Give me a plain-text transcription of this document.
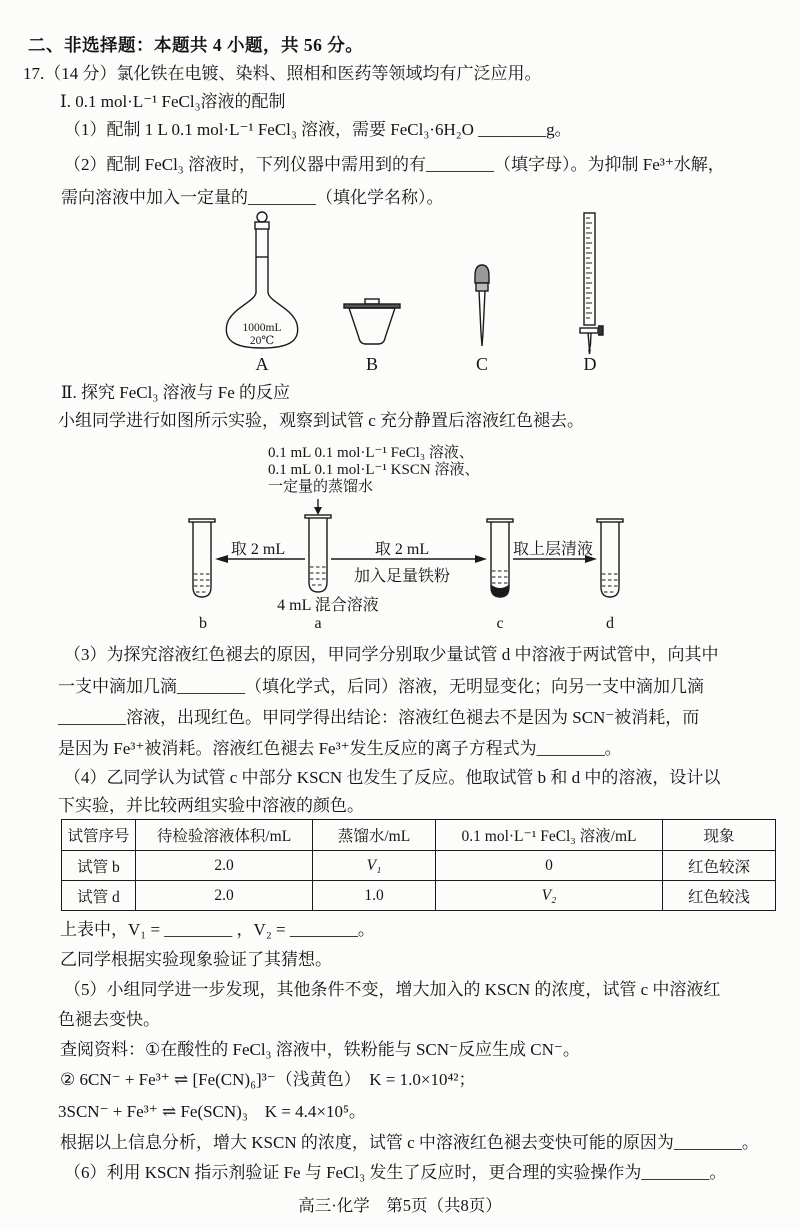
二、非选择题：本题共 4 小题，共 56 分。
17.（14 分）氯化铁在电镀、染料、照相和医药等领域均有广泛应用。
Ⅰ. 0.1 mol·L⁻¹ FeCl₃溶液的配制
（1）配制 1 L 0.1 mol·L⁻¹ FeCl₃ 溶液，需要 FeCl₃·6H₂O ________g。
（2）配制 FeCl₃ 溶液时，下列仪器中需用到的有________（填字母）。为抑制 Fe³⁺水解，
需向溶液中加入一定量的________（填化学名称）。
1000mL
20℃
A	B	C	D
Ⅱ. 探究 FeCl₃ 溶液与 Fe 的反应
小组同学进行如图所示实验，观察到试管 c 充分静置后溶液红色褪去。
0.1 mL 0.1 mol·L⁻¹ FeCl₃ 溶液、
0.1 mL 0.1 mol·L⁻¹ KSCN 溶液、
一定量的蒸馏水
取 2 mL	取 2 mL
加入足量铁粉
取上层清液
4 mL 混合溶液
b	a	c	d
（3）为探究溶液红色褪去的原因，甲同学分别取少量试管 d 中溶液于两试管中，向其中
一支中滴加几滴________（填化学式，后同）溶液，无明显变化；向另一支中滴加几滴
________溶液，出现红色。甲同学得出结论：溶液红色褪去不是因为 SCN⁻被消耗，而
是因为 Fe³⁺被消耗。溶液红色褪去 Fe³⁺发生反应的离子方程式为________。
（4）乙同学认为试管 c 中部分 KSCN 也发生了反应。他取试管 b 和 d 中的溶液，设计以
下实验，并比较两组实验中溶液的颜色。
试管序号	待检验溶液体积/mL	蒸馏水/mL	0.1 mol·L⁻¹ FeCl₃ 溶液/mL	现象
试管 b	2.0	V₁	0	红色较深
试管 d	2.0	1.0	V₂	红色较浅
上表中，V₁ = ________ ，V₂ = ________。
乙同学根据实验现象验证了其猜想。
（5）小组同学进一步发现，其他条件不变，增大加入的 KSCN 的浓度，试管 c 中溶液红
色褪去变快。
查阅资料：①在酸性的 FeCl₃ 溶液中，铁粉能与 SCN⁻反应生成 CN⁻。
② 6CN⁻ + Fe³⁺ ⇌ [Fe(CN)₆]³⁻（浅黄色）　K = 1.0×10⁴²；
3SCN⁻ + Fe³⁺ ⇌ Fe(SCN)₃　K = 4.4×10⁵。
根据以上信息分析，增大 KSCN 的浓度，试管 c 中溶液红色褪去变快可能的原因为________。
（6）利用 KSCN 指示剂验证 Fe 与 FeCl₃ 发生了反应时，更合理的实验操作为________。
高三·化学　第5页（共8页）
